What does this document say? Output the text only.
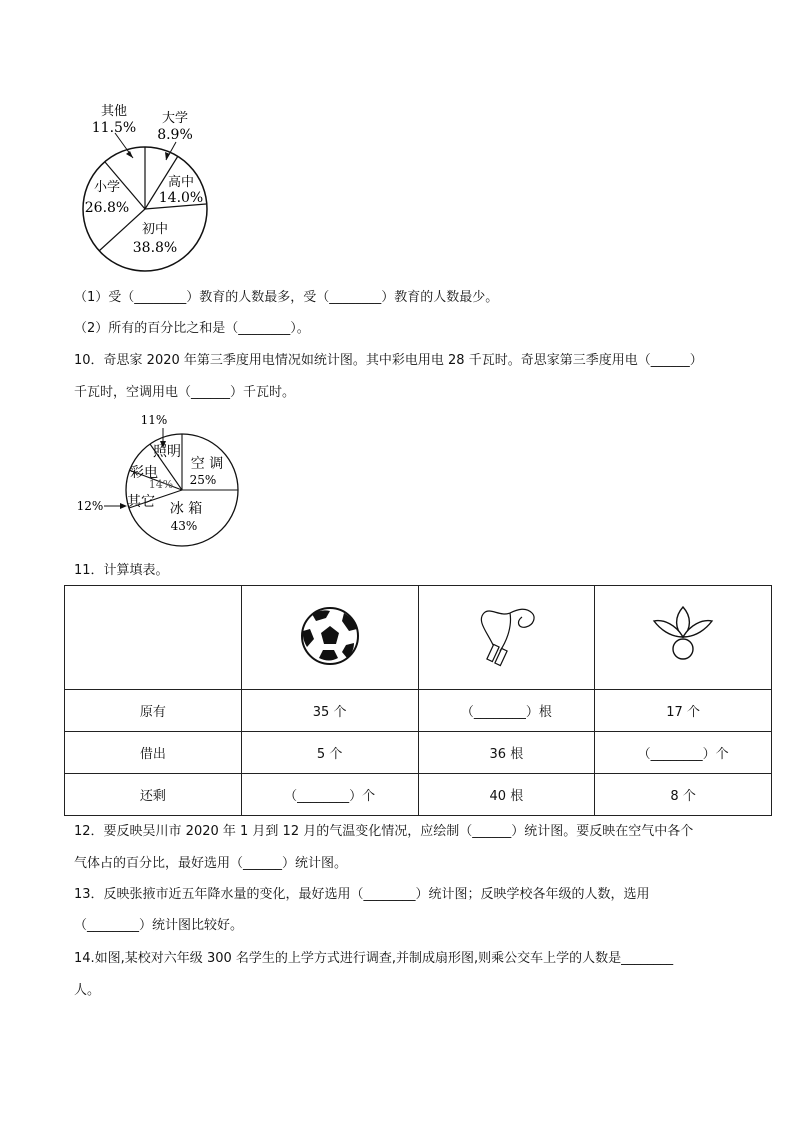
其他
11.5%
大学
8.9%
高中
14.0%
初中
38.8%
小学
26.8%
（1）受（________）教育的人数最多，受（________）教育的人数最少。
（2）所有的百分比之和是（________）。
10．奇思家 2020 年第三季度用电情况如统计图。其中彩电用电 28 千瓦时。奇思家第三季度用电（______）
千瓦时，空调用电（______）千瓦时。
11%
12%
照明
空 调
25%
彩电
14%
其它 冰 箱
43%
11．计算填表。

原有	35 个	（________）根	17 个
借出	5 个	36 根	（________）个
还剩	（________）个	40 根	8 个
12．要反映吴川市 2020 年 1 月到 12 月的气温变化情况，应绘制（______）统计图。要反映在空气中各个
气体占的百分比，最好选用（______）统计图。
13．反映张掖市近五年降水量的变化，最好选用（________）统计图；反映学校各年级的人数，选用
（________）统计图比较好。
14.如图,某校对六年级 300 名学生的上学方式进行调查,并制成扇形图,则乘公交车上学的人数是________
人。
